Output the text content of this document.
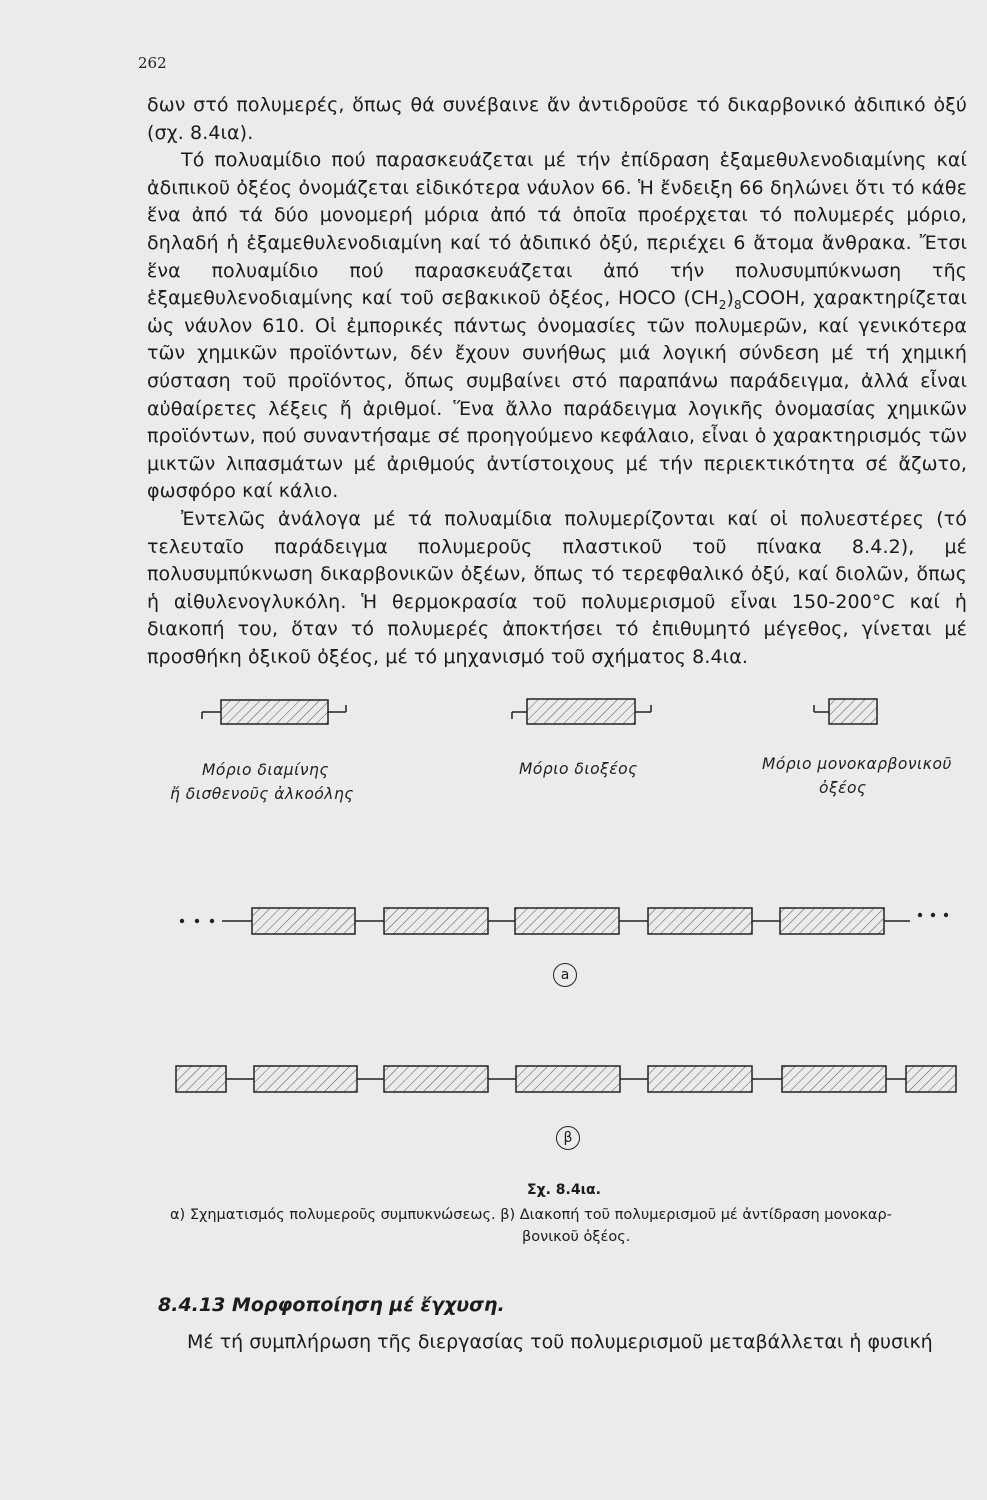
262

δων στό πολυμερές, ὅπως θά συνέβαινε ἄν ἀντιδροῦσε τό δικαρβονικό ἀδιπικό ὀξύ (σχ. 8.4ια).

Τό πολυαμίδιο πού παρασκευάζεται μέ τήν ἐπίδραση ἑξαμεθυλενοδιαμίνης καί ἀδιπικοῦ ὀξέος ὀνομάζεται εἰδικότερα νάυλον 66. Ἡ ἔνδειξη 66 δηλώνει ὅτι τό κάθε ἕνα ἀπό τά δύο μονομερή μόρια ἀπό τά ὁποῖα προέρχεται τό πολυμερές μόριο, δηλαδή ἡ ἑξαμεθυλενοδιαμίνη καί τό ἀδιπικό ὀξύ, περιέχει 6 ἄτομα ἄνθρακα. Ἔτσι ἕνα πολυαμίδιο πού παρασκευάζεται ἀπό τήν πολυσυμπύκνωση τῆς ἑξαμεθυλενοδιαμίνης καί τοῦ σεβακικοῦ ὀξέος, HOCO $(CH_2)_8COOH$, χαρακτηρίζεται ὡς νάυλον 610. Οἱ ἐμπορικές πάντως ὀνομασίες τῶν πολυμερῶν, καί γενικότερα τῶν χημικῶν προϊόντων, δέν ἔχουν συνήθως μιά λογική σύνδεση μέ τή χημική σύσταση τοῦ προϊόντος, ὅπως συμβαίνει στό παραπάνω παράδειγμα, ἀλλά εἶναι αὐθαίρετες λέξεις ἤ ἀριθμοί. Ἕνα ἄλλο παράδειγμα λογικῆς ὀνομασίας χημικῶν προϊόντων, πού συναντήσαμε σέ προηγούμενο κεφάλαιο, εἶναι ὁ χαρακτηρισμός τῶν μικτῶν λιπασμάτων μέ ἀριθμούς ἀντίστοιχους μέ τήν περιεκτικότητα σέ ἄζωτο, φωσφόρο καί κάλιο.

Ἐντελῶς ἀνάλογα μέ τά πολυαμίδια πολυμερίζονται καί οἱ πολυεστέρες (τό τελευταῖο παράδειγμα πολυμεροῦς πλαστικοῦ τοῦ πίνακα 8.4.2), μέ πολυσυμπύκνωση δικαρβονικῶν ὀξέων, ὅπως τό τερεφθαλικό ὀξύ, καί διολῶν, ὅπως ἡ αἰθυλενογλυκόλη. Ἡ θερμοκρασία τοῦ πολυμερισμοῦ εἶναι 150-200°C καί ἡ διακοπή του, ὅταν τό πολυμερές ἀποκτήσει τό ἐπιθυμητό μέγεθος, γίνεται μέ προσθήκη ὀξικοῦ ὀξέος, μέ τό μηχανισμό τοῦ σχήματος 8.4ια.

Μόριο διαμίνης
ἤ δισθενοῦς ἀλκοόλης
Μόριο διοξέος	Μόριο μονοκαρβονικοῦ
ὀξέος
a
β
Σχ. 8.4ια.
α) Σχηματισμός πολυμεροῦς συμπυκνώσεως. β) Διακοπή τοῦ πολυμερισμοῦ μέ ἀντίδραση μονοκαρ-
βονικοῦ ὀξέος.
8.4.13 Μορφοποίηση μέ ἔγχυση.
Μέ τή συμπλήρωση τῆς διεργασίας τοῦ πολυμερισμοῦ μεταβάλλεται ἡ φυσική
